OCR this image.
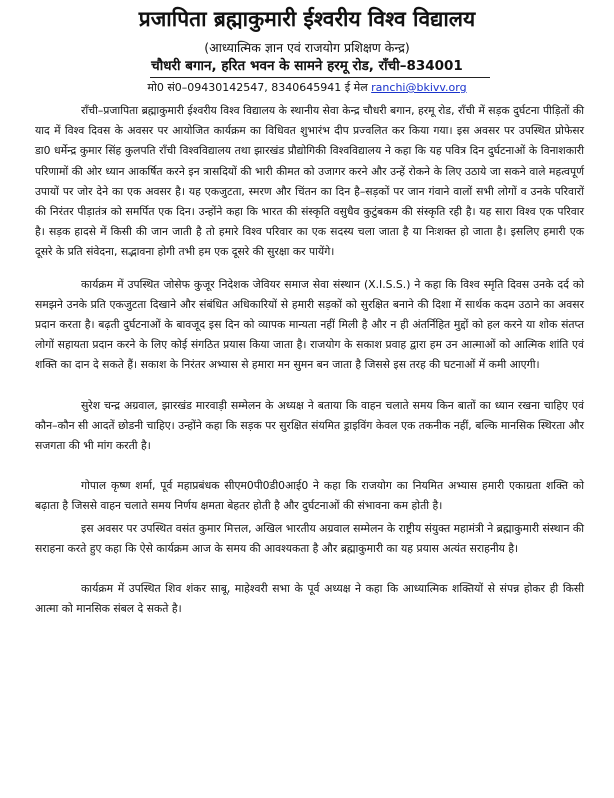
प्रजापिता ब्रह्माकुमारी ईश्वरीय विश्व विद्यालय
(आध्यात्मिक ज्ञान एवं राजयोग प्रशिक्षण केन्द्र)
चौधरी बगान, हरित भवन के सामने हरमू रोड, राँची–834001
मो0 सं0–09430142547, 8340645941 ई मेल ranchi@bkivv.org

राँची–प्रजापिता ब्रह्माकुमारी ईश्वरीय विश्व विद्यालय के स्थानीय सेवा केन्द्र चौधरी बगान, हरमू रोड, राँची में सड़क दुर्घटना पीड़ितों की याद में विश्व दिवस के अवसर पर आयोजित कार्यक्रम का विधिवत शुभारंभ दीप प्रज्वलित कर किया गया। इस अवसर पर उपस्थित प्रोफेसर डा0 धर्मेन्द्र कुमार सिंह कुलपति राँची विश्वविद्यालय तथा झारखंड प्रौद्योगिकी विश्वविद्यालय ने कहा कि यह पवित्र दिन दुर्घटनाओं के विनाशकारी परिणामों की ओर ध्यान आकर्षित करने इन त्रासदियों की भारी कीमत को उजागर करने और उन्हें रोकने के लिए उठाये जा सकने वाले महत्वपूर्ण उपायों पर जोर देने का एक अवसर है। यह एकजुटता, स्मरण और चिंतन का दिन है–सड़कों पर जान गंवाने वालों सभी लोगों व उनके परिवारों की निरंतर पीड़ातंत्र को समर्पित एक दिन। उन्होंने कहा कि भारत की संस्कृति वसुधैव कुटुंबकम की संस्कृति रही है। यह सारा विश्व एक परिवार है। सड़क हादसे में किसी की जान जाती है तो हमारे विश्व परिवार का एक सदस्य चला जाता है या निःशक्त हो जाता है। इसलिए हमारी एक दूसरे के प्रति संवेदना, सद्भावना होगी तभी हम एक दूसरे की सुरक्षा कर पायेंगे।

कार्यक्रम में उपस्थित जोसेफ कुजूर निदेशक जेवियर समाज सेवा संस्थान (X.I.S.S.) ने कहा कि विश्व स्मृति दिवस उनके दर्द को समझने उनके प्रति एकजुटता दिखाने और संबंधित अधिकारियों से हमारी सड़कों को सुरक्षित बनाने की दिशा में सार्थक कदम उठाने का अवसर प्रदान करता है। बढ़ती दुर्घटनाओं के बावजूद इस दिन को व्यापक मान्यता नहीं मिली है और न ही अंतर्निहित मुद्दों को हल करने या शोक संतप्त लोगों सहायता प्रदान करने के लिए कोई संगठित प्रयास किया जाता है। राजयोग के सकाश प्रवाह द्वारा हम उन आत्माओं को आत्मिक शांति एवं शक्ति का दान दे सकते हैं। सकाश के निरंतर अभ्यास से हमारा मन सुमन बन जाता है जिससे इस तरह की घटनाओं में कमी आएगी।

सुरेश चन्द्र अग्रवाल, झारखंड मारवाड़ी सम्मेलन के अध्यक्ष ने बताया कि वाहन चलाते समय किन बातों का ध्यान रखना चाहिए एवं कौन–कौन सी आदतें छोडनी चाहिए। उन्होंने कहा कि सड़क पर सुरक्षित संयमित ड्राइविंग केवल एक तकनीक नहीं, बल्कि मानसिक स्थिरता और सजगता की भी मांग करती है।

गोपाल कृष्ण शर्मा, पूर्व महाप्रबंधक सीएम0पी0डी0आई0 ने कहा कि राजयोग का नियमित अभ्यास हमारी एकाग्रता शक्ति को बढ़ाता है जिससे वाहन चलाते समय निर्णय क्षमता बेहतर होती है और दुर्घटनाओं की संभावना कम होती है।

इस अवसर पर उपस्थित वसंत कुमार मित्तल, अखिल भारतीय अग्रवाल सम्मेलन के राष्ट्रीय संयुक्त महामंत्री ने ब्रह्माकुमारी संस्थान की सराहना करते हुए कहा कि ऐसे कार्यक्रम आज के समय की आवश्यकता है और ब्रह्माकुमारी का यह प्रयास अत्यंत सराहनीय है।

कार्यक्रम में उपस्थित शिव शंकर साबू, माहेश्वरी सभा के पूर्व अध्यक्ष ने कहा कि आध्यात्मिक शक्तियों से संपन्न होकर ही किसी आत्मा को मानसिक संबल दे सकते है।
